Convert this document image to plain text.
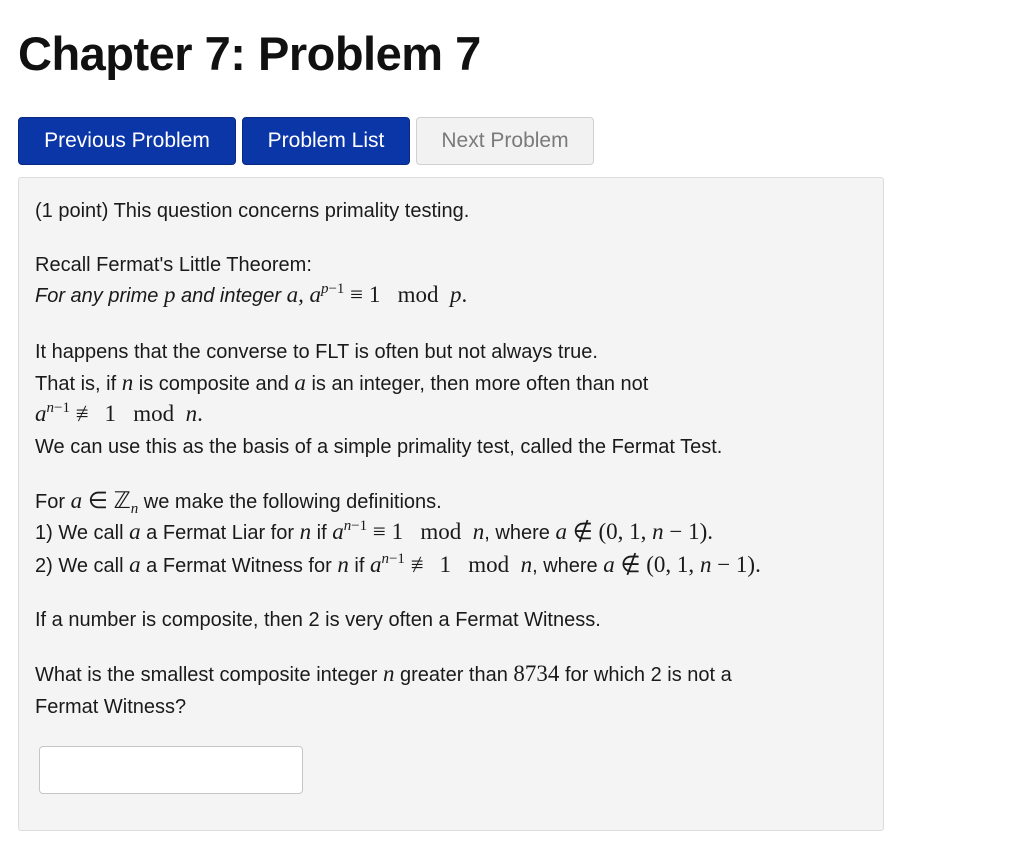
Chapter 7: Problem 7
Previous Problem	Problem List	Next Problem
(1 point) This question concerns primality testing.
Recall Fermat's Little Theorem:
For any prime p and integer a, $a^{p-1} \equiv 1$   mod  p.
It happens that the converse to FLT is often but not always true.
That is, if n is composite and a is an integer, then more often than not
$a^{n-1}$ ≢ 1   mod  n.
We can use this as the basis of a simple primality test, called the Fermat Test.
For a ∈ ℤ$_n$ we make the following definitions.
1) We call a a Fermat Liar for n if $a^{n-1} \equiv 1$   mod  n, where a ∉ (0, 1, n − 1).
2) We call a a Fermat Witness for n if $a^{n-1}$ ≢ 1   mod  n, where a ∉ (0, 1, n − 1).
If a number is composite, then 2 is very often a Fermat Witness.
What is the smallest composite integer n greater than 8734 for which 2 is not a
Fermat Witness?
